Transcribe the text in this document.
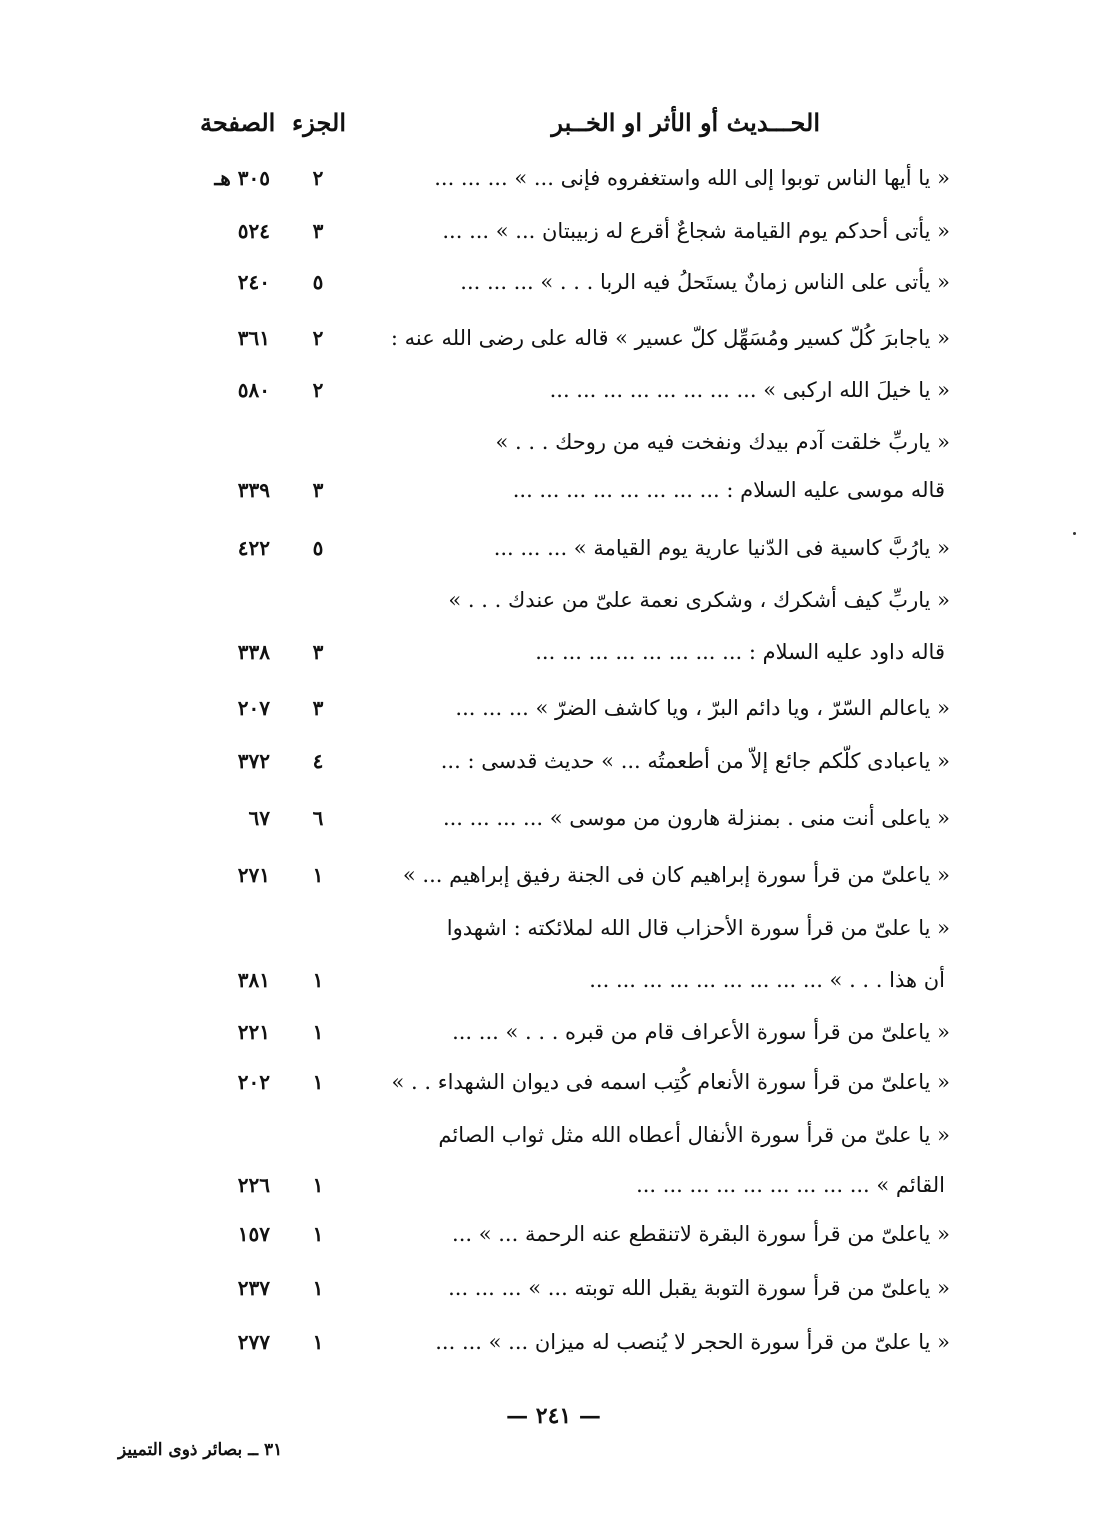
الحـــديث أو الأثر او الخــبر
الجزء
الصفحة
« يا أيها الناس توبوا إلى الله واستغفروه فإنى ... » ... ... ...
٢
٣٠٥ هـ
« يأتى أحدكم يوم القيامة شجاعٌ أقرع له زبيبتان ... » ... ...
٣
٥٢٤
« يأتى على الناس زمانٌ يستَحلُ فيه الربا . . . » ... ... ...
٥
٢٤٠
« ياجابرَ كُلّ كسير ومُسَهِّل كلّ عسير » قاله على رضى الله عنه :
٢
٣٦١
« يا خيلَ الله اركبى » ... ... ... ... ... ... ... ...
٢
٥٨٠
« ياربِّ خلقت آدم بيدك ونفخت فيه من روحك . . . »
قاله موسى عليه السلام : ... ... ... ... ... ... ... ...
٣
٣٣٩
« يارُبَّ كاسية فى الدّنيا عارية يوم القيامة » ... ... ...
٥
٤٢٢
« ياربِّ كيف أشكرك ، وشكرى نعمة علىّ من عندك . . . »
قاله داود عليه السلام : ... ... ... ... ... ... ... ...
٣
٣٣٨
« ياعالم السّرّ ، ويا دائم البرّ ، ويا كاشف الضرّ » ... ... ...
٣
٢٠٧
« ياعبادى كلّكم جائع إلاّ من أطعمتُه ... » حديث قدسى : ...
٤
٣٧٢
« ياعلى أنت منى . بمنزلة هارون من موسى » ... ... ... ...
٦
٦٧
« ياعلىّ من قرأ سورة إبراهيم كان فى الجنة رفيق إبراهيم ... »
١
٢٧١
« يا علىّ من قرأ سورة الأحزاب قال الله لملائكته : اشهدوا
أن هذا . . . » ... ... ... ... ... ... ... ... ...
١
٣٨١
« ياعلىّ من قرأ سورة الأعراف قام من قبره . . . » ... ...
١
٢٢١
« ياعلىّ من قرأ سورة الأنعام كُتِب اسمه فى ديوان الشهداء . . »
١
٢٠٢
« يا علىّ من قرأ سورة الأنفال أعطاه الله مثل ثواب الصائم
القائم » ... ... ... ... ... ... ... ... ...
١
٢٢٦
« ياعلىّ من قرأ سورة البقرة لاتنقطع عنه الرحمة ... » ...
١
١٥٧
« ياعلىّ من قرأ سورة التوبة يقبل الله توبته ... » ... ... ...
١
٢٣٧
« يا علىّ من قرأ سورة الحجر لا يُنصب له ميزان ... » ... ...
١
٢٧٧
— ٢٤١ —
٣١ ــ بصائر ذوى التمييز
